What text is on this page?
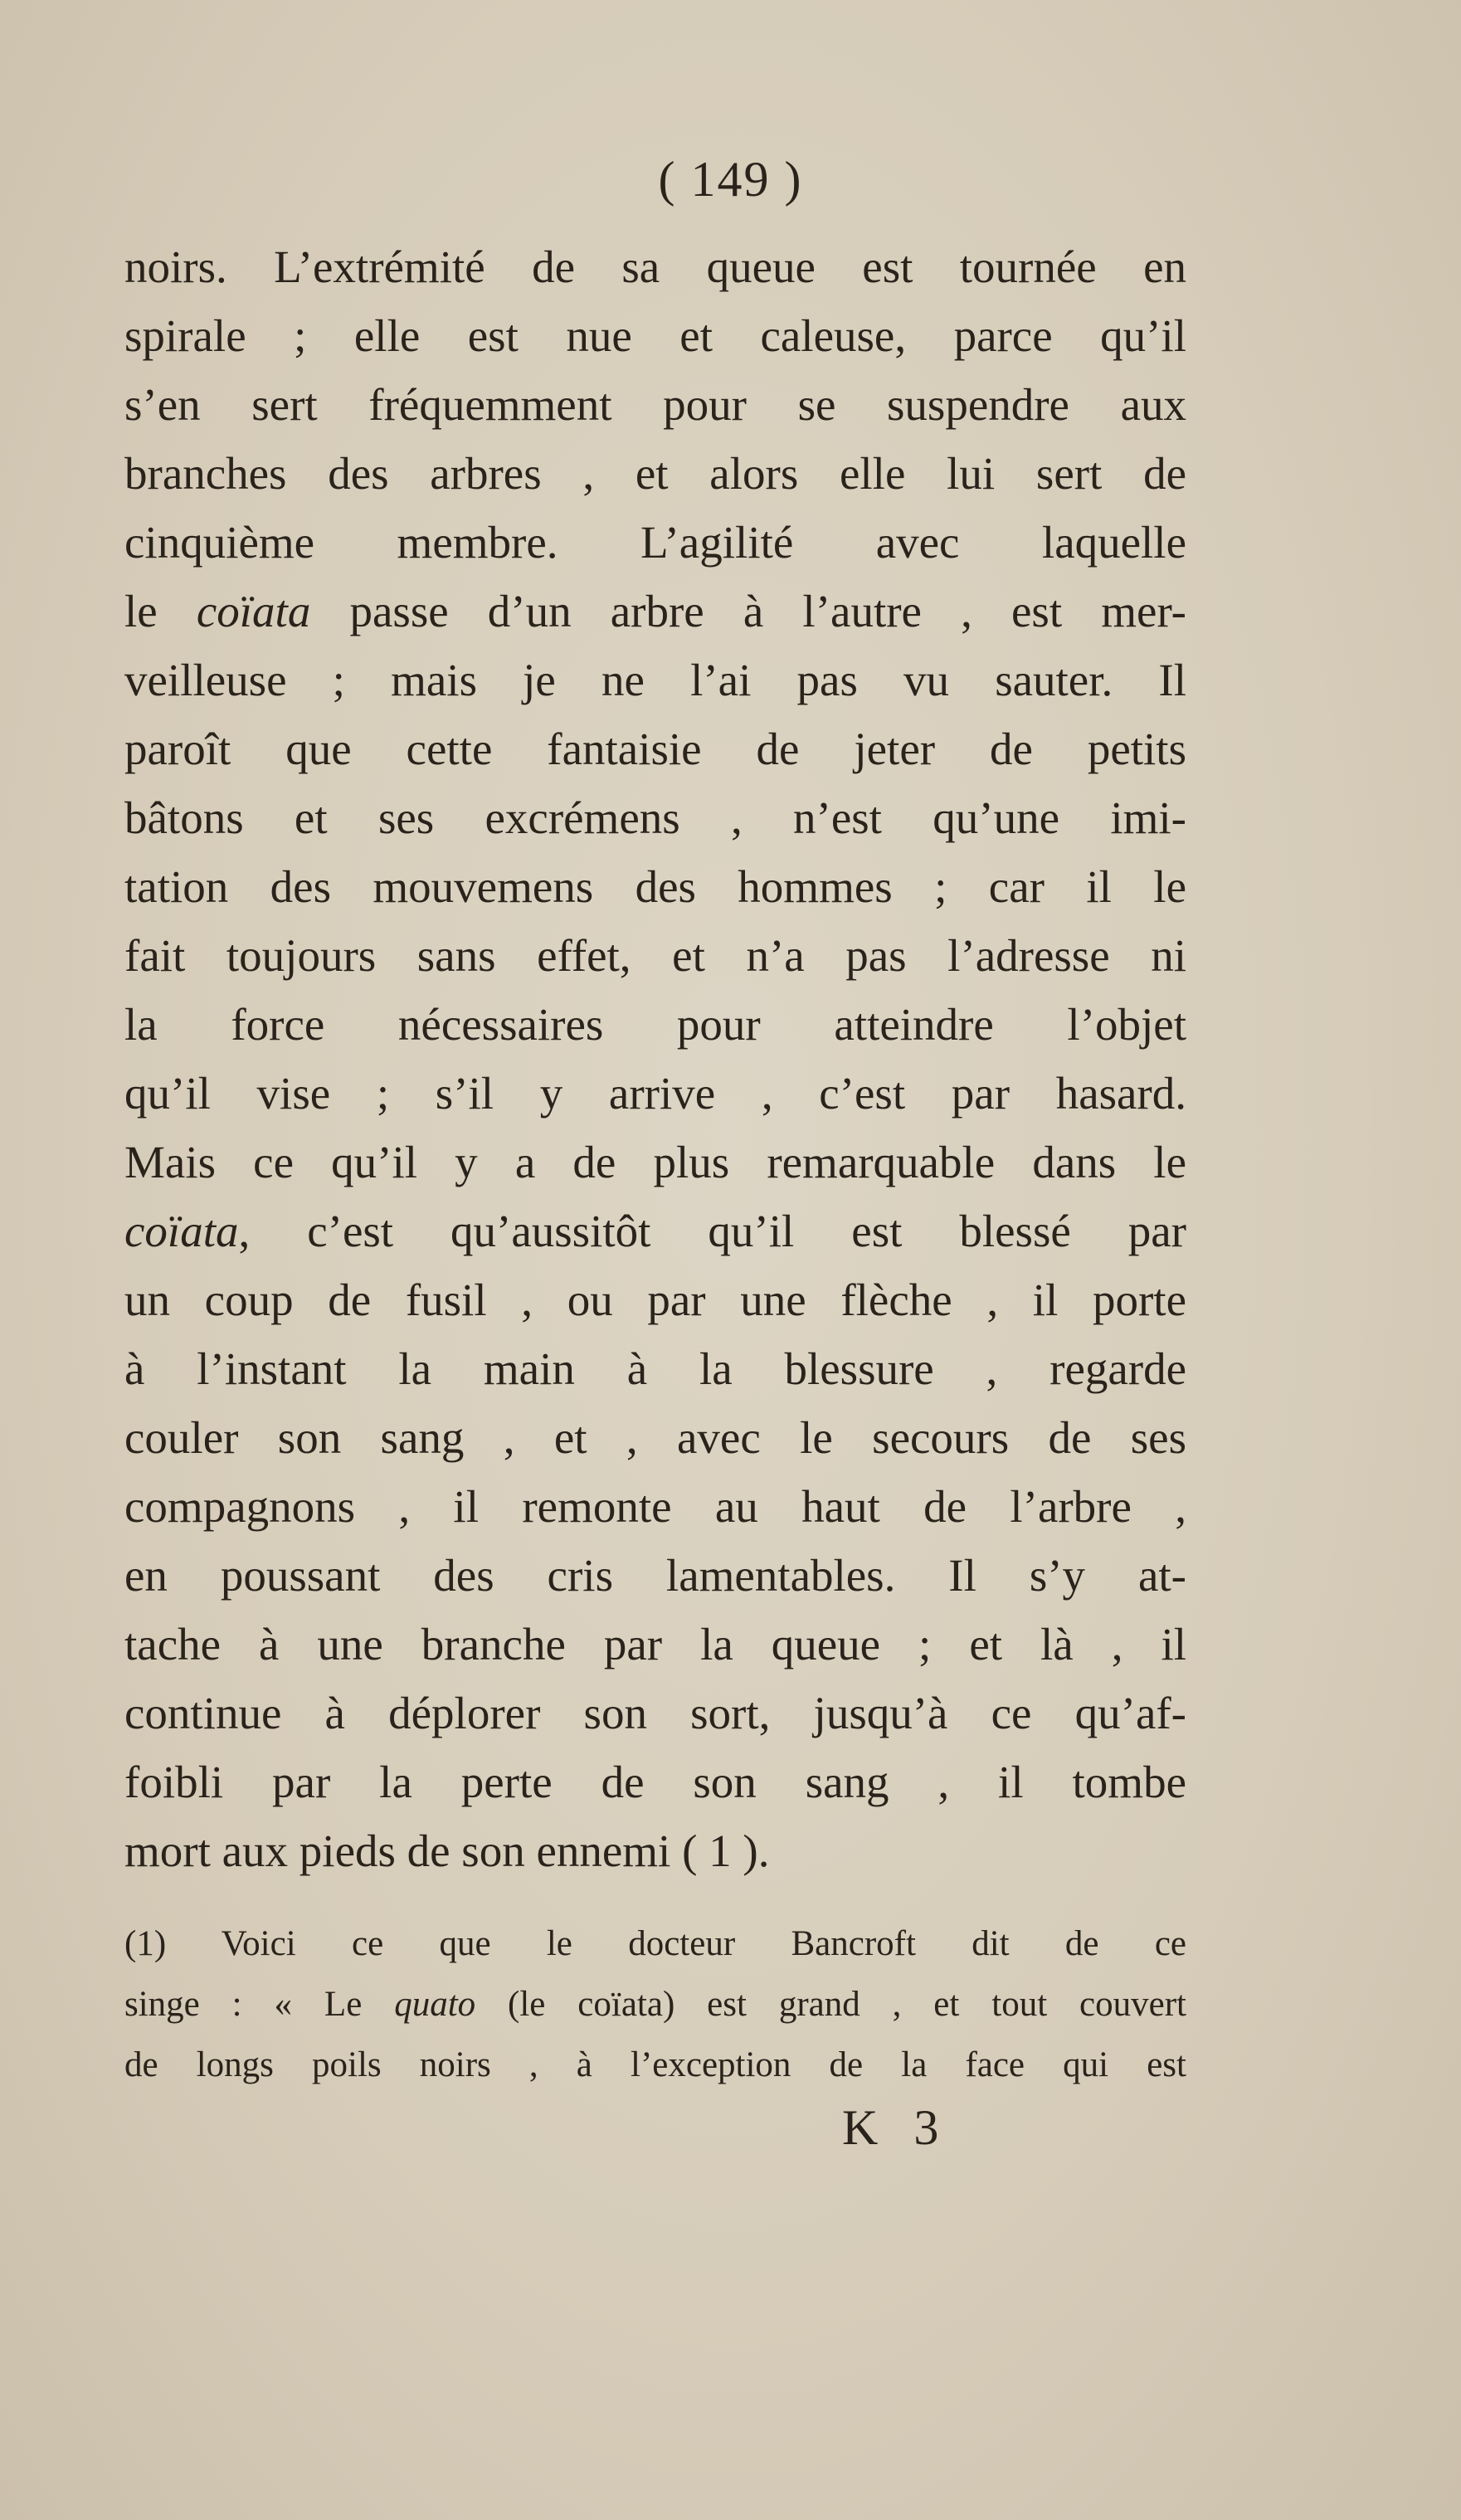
( 149 )
noirs. L’extrémité de sa queue est tournée en
spirale ; elle est nue et caleuse, parce qu’il
s’en sert fréquemment pour se suspendre aux
branches des arbres , et alors elle lui sert de
cinquième membre. L’agilité avec laquelle
le coïata passe d’un arbre à l’autre , est mer-
veilleuse ; mais je ne l’ai pas vu sauter. Il
paroît que cette fantaisie de jeter de petits
bâtons et ses excrémens , n’est qu’une imi-
tation des mouvemens des hommes ; car il le
fait toujours sans effet, et n’a pas l’adresse ni
la force nécessaires pour atteindre l’objet
qu’il vise ; s’il y arrive , c’est par hasard.
Mais ce qu’il y a de plus remarquable dans le
coïata, c’est qu’aussitôt qu’il est blessé par
un coup de fusil , ou par une flèche , il porte
à l’instant la main à la blessure , regarde
couler son sang , et , avec le secours de ses
compagnons , il remonte au haut de l’arbre ,
en poussant des cris lamentables. Il s’y at-
tache à une branche par la queue ; et là , il
continue à déplorer son sort, jusqu’à ce qu’af-
foibli par la perte de son sang , il tombe
mort aux pieds de son ennemi ( 1 ).
(1) Voici ce que le docteur Bancroft dit de ce
singe : « Le quato (le coïata) est grand , et tout couvert
de longs poils noirs , à l’exception de la face qui est
K 3
